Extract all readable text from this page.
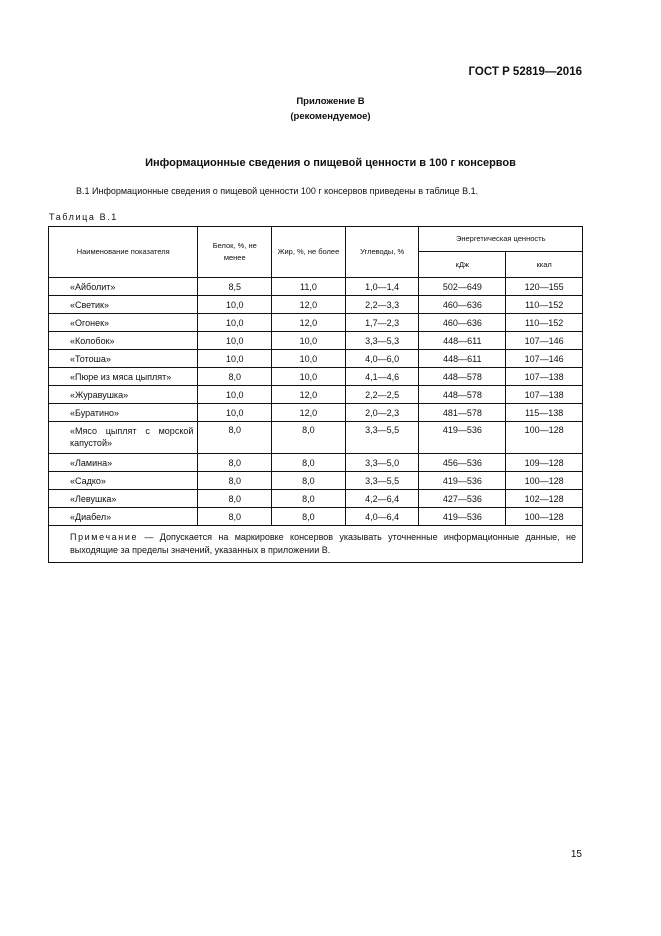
ГОСТ Р 52819—2016
Приложение В
(рекомендуемое)
Информационные сведения о пищевой ценности в 100 г консервов
В.1 Информационные сведения о пищевой ценности 100 г консервов приведены в таблице В.1.
Таблица В.1
Наименование показателя	Белок, %, не менее	Жир, %, не более	Углеводы, %	Энергетическая ценность	
				кДж	ккал
«Айболит»	8,5	11,0	1,0—1,4	502—649	120—155
«Светик»	10,0	12,0	2,2—3,3	460—636	110—152
«Огонек»	10,0	12,0	1,7—2,3	460—636	110—152
«Колобок»	10,0	10,0	3,3—5,3	448—611	107—146
«Тотоша»	10,0	10,0	4,0—6,0	448—611	107—146
«Пюре из мяса цыплят»	8,0	10,0	4,1—4,6	448—578	107—138
«Журавушка»	10,0	12,0	2,2—2,5	448—578	107—138
«Буратино»	10,0	12,0	2,0—2,3	481—578	115—138
«Мясо цыплят с морской капустой»	8,0	8,0	3,3—5,5	419—536	100—128
«Ламина»	8,0	8,0	3,3—5,0	456—536	109—128
«Садко»	8,0	8,0	3,3—5,5	419—536	100—128
«Левушка»	8,0	8,0	4,2—6,4	427—536	102—128
«Диабел»	8,0	8,0	4,0—6,4	419—536	100—128
Примечание — Допускается на маркировке консервов указывать уточненные информационные данные, не выходящие за пределы значений, указанных в приложении В.					
15
